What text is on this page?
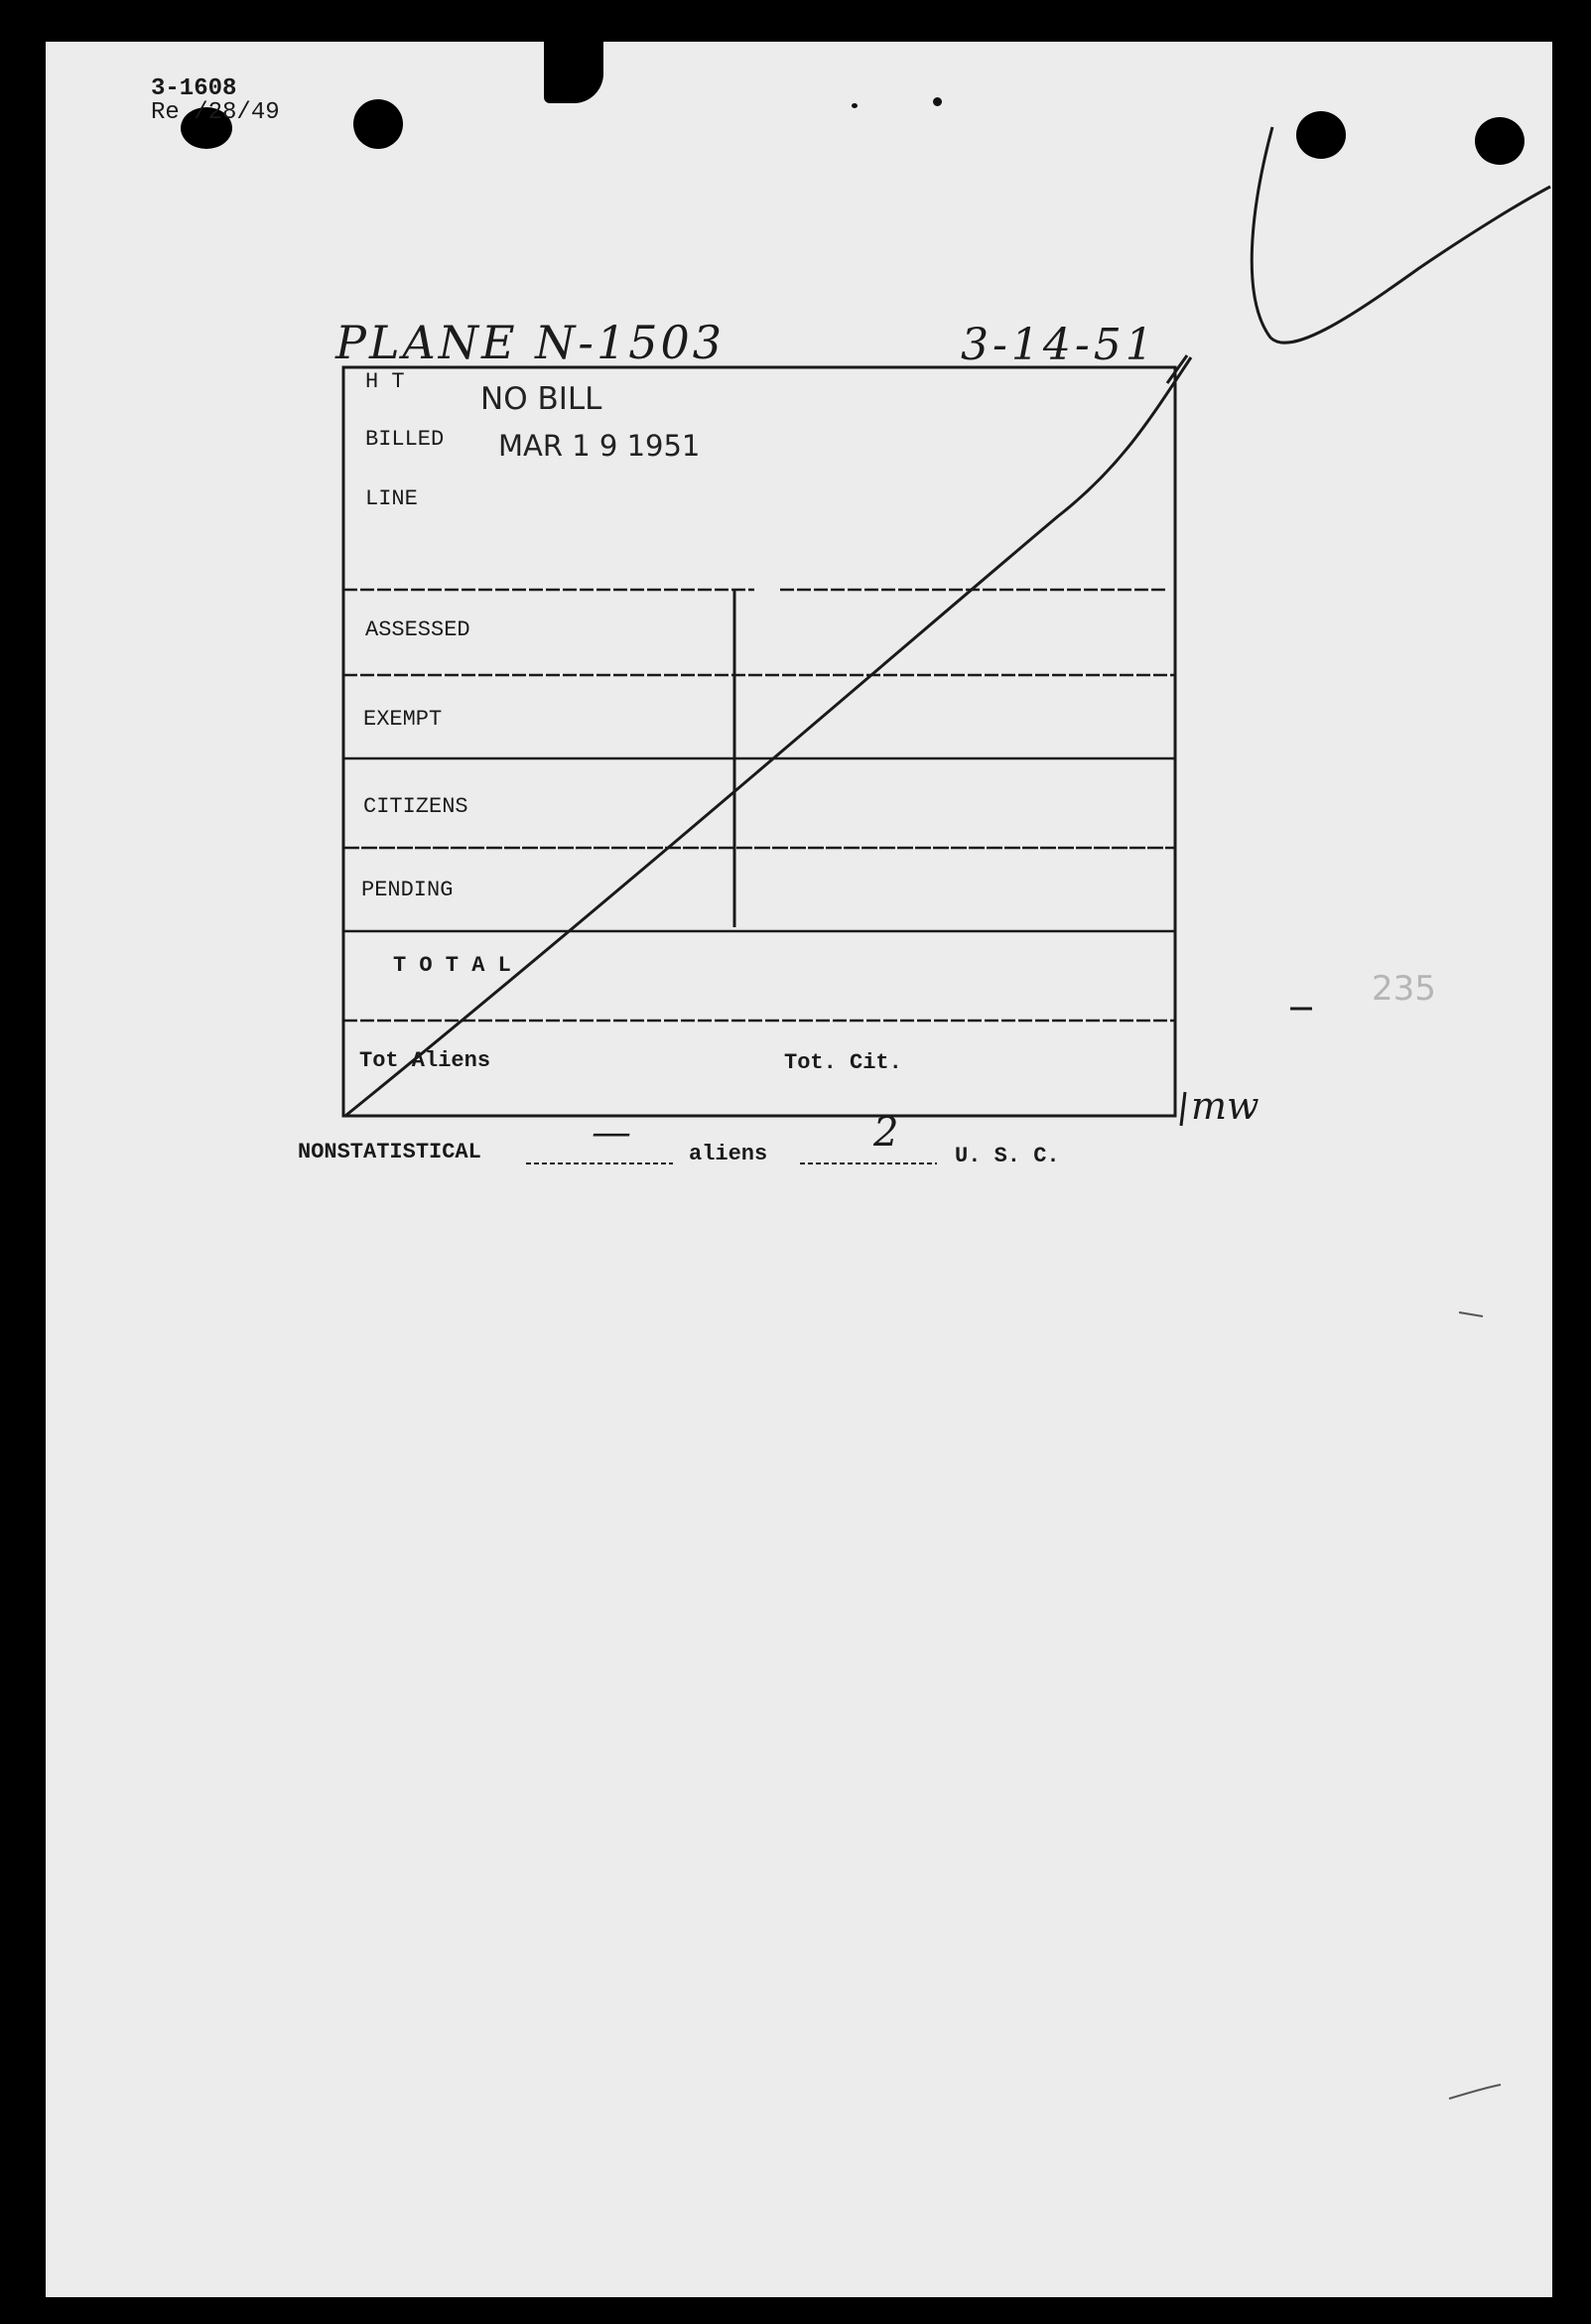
3-1608
Re /28/49
PLANE N-1503	3-14-51
NO BILL
MAR 1 9 1951
235
H T
BILLED
LINE
ASSESSED
EXEMPT
CITIZENS
PENDING
T O T A L
Tot Aliens	Tot. Cit.
NONSTATISTICAL	aliens	U. S. C.
—	2
mw
